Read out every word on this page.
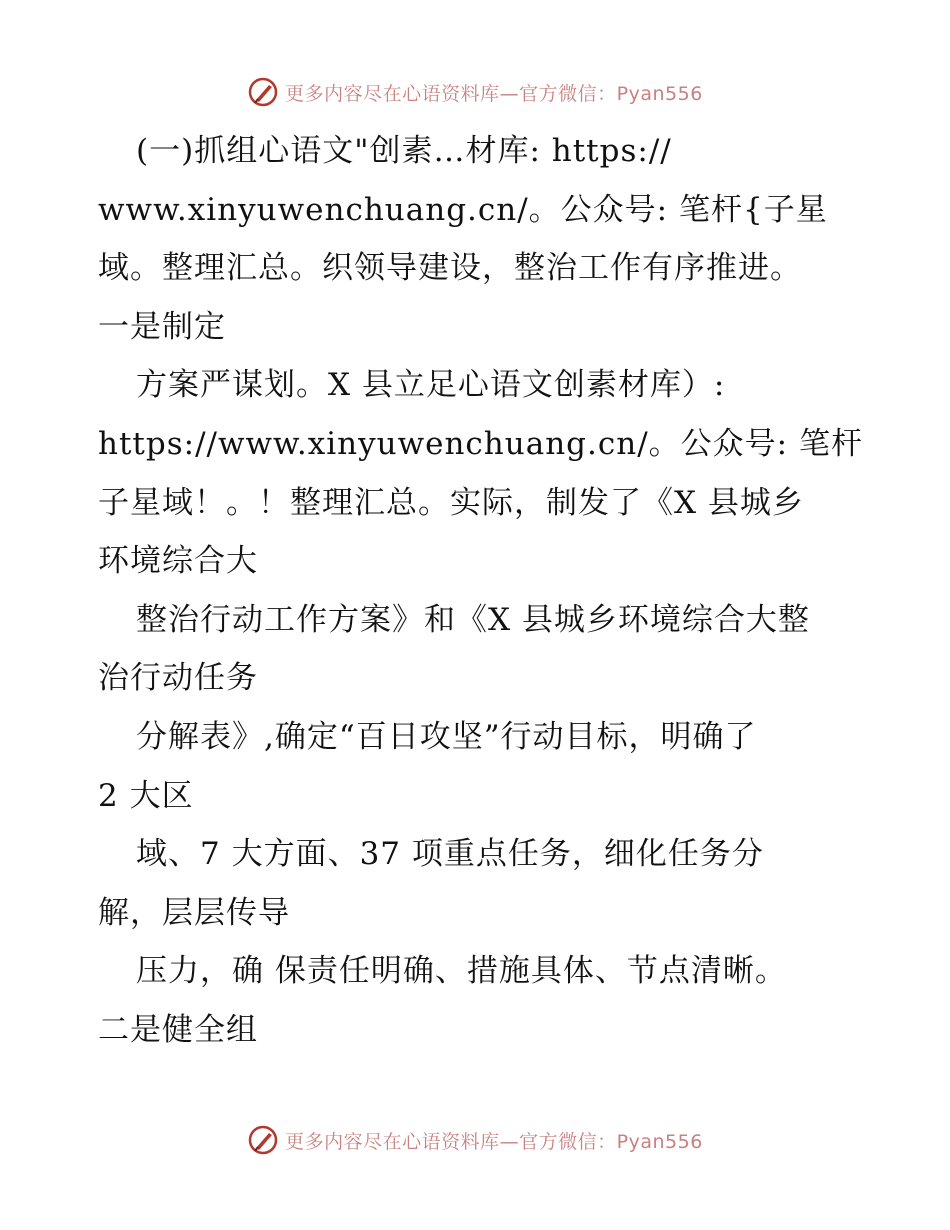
更多内容尽在心语资料库—官方微信：Pyan556
(一)抓组心语文"创素…材库: https://
www.xinyuwenchuang.cn/。公众号: 笔杆{子星
域。整理汇总。织领导建设，整治工作有序推进。
一是制定
方案严谋划。X 县立足心语文创素材库）:
https://www.xinyuwenchuang.cn/。公众号: 笔杆
子星域！。！整理汇总。实际，制发了《X 县城乡
环境综合大
整治行动工作方案》和《X 县城乡环境综合大整
治行动任务
分解表》,确定“百日攻坚”行动目标，明确了
2 大区
域、7 大方面、37 项重点任务，细化任务分
解，层层传导
压力，确 保责任明确、措施具体、节点清晰。
二是健全组
更多内容尽在心语资料库—官方微信：Pyan556
